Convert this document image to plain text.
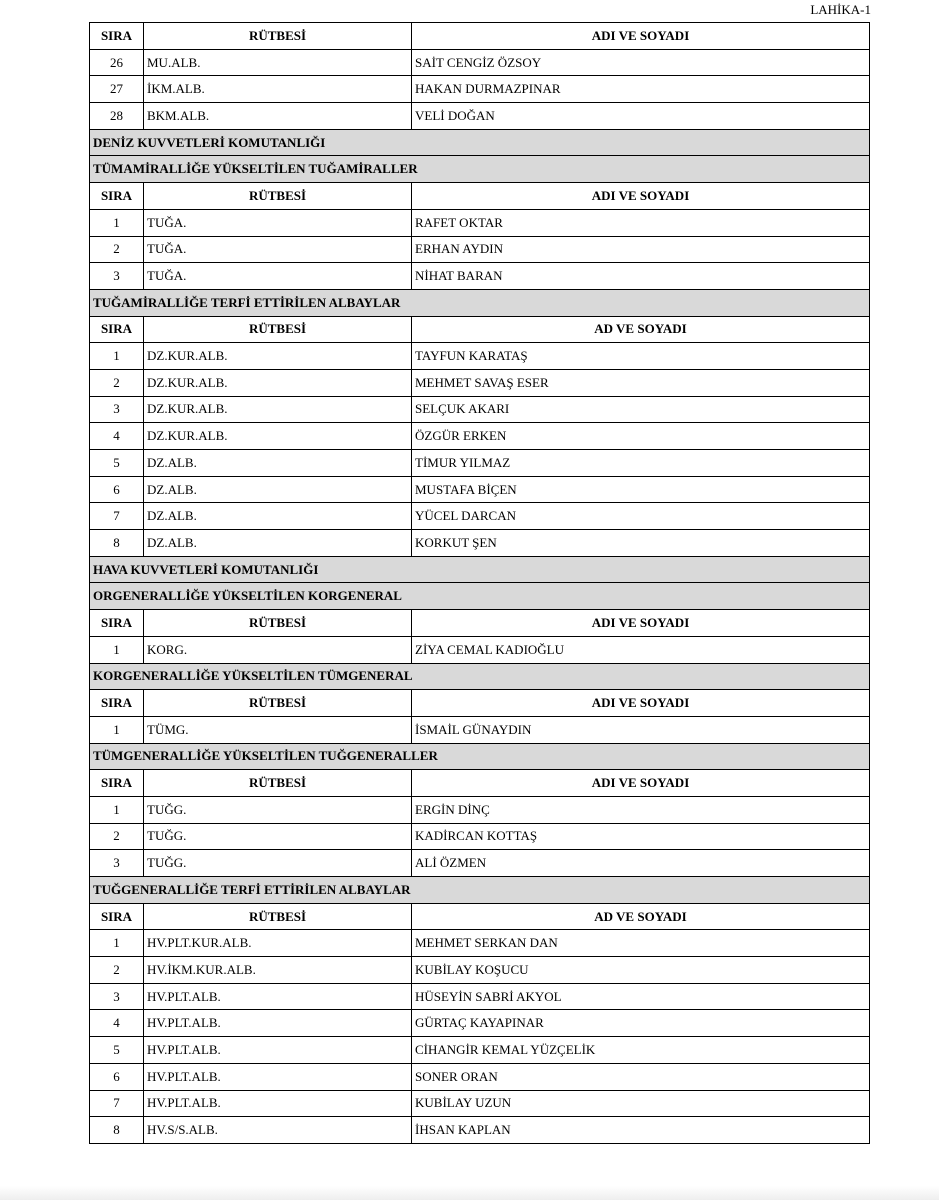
LAHİKA-1
SIRA	RÜTBESİ	ADI VE SOYADI
26	MU.ALB.	SAİT CENGİZ ÖZSOY
27	İKM.ALB.	HAKAN DURMAZPINAR
28	BKM.ALB.	VELİ DOĞAN
DENİZ KUVVETLERİ KOMUTANLIĞI		
TÜMAMİRALLİĞE YÜKSELTİLEN TUĞAMİRALLER		
SIRA	RÜTBESİ	ADI VE SOYADI
1	TUĞA.	RAFET OKTAR
2	TUĞA.	ERHAN AYDIN
3	TUĞA.	NİHAT BARAN
TUĞAMİRALLİĞE TERFİ ETTİRİLEN ALBAYLAR		
SIRA	RÜTBESİ	AD VE SOYADI
1	DZ.KUR.ALB.	TAYFUN KARATAŞ
2	DZ.KUR.ALB.	MEHMET SAVAŞ ESER
3	DZ.KUR.ALB.	SELÇUK AKARI
4	DZ.KUR.ALB.	ÖZGÜR ERKEN
5	DZ.ALB.	TİMUR YILMAZ
6	DZ.ALB.	MUSTAFA BİÇEN
7	DZ.ALB.	YÜCEL DARCAN
8	DZ.ALB.	KORKUT ŞEN
HAVA KUVVETLERİ KOMUTANLIĞI		
ORGENERALLİĞE YÜKSELTİLEN KORGENERAL		
SIRA	RÜTBESİ	ADI VE SOYADI
1	KORG.	ZİYA CEMAL KADIOĞLU
KORGENERALLİĞE YÜKSELTİLEN TÜMGENERAL		
SIRA	RÜTBESİ	ADI VE SOYADI
1	TÜMG.	İSMAİL GÜNAYDIN
TÜMGENERALLİĞE YÜKSELTİLEN TUĞGENERALLER		
SIRA	RÜTBESİ	ADI VE SOYADI
1	TUĞG.	ERGİN DİNÇ
2	TUĞG.	KADİRCAN KOTTAŞ
3	TUĞG.	ALİ ÖZMEN
TUĞGENERALLİĞE TERFİ ETTİRİLEN ALBAYLAR		
SIRA	RÜTBESİ	AD VE SOYADI
1	HV.PLT.KUR.ALB.	MEHMET SERKAN DAN
2	HV.İKM.KUR.ALB.	KUBİLAY KOŞUCU
3	HV.PLT.ALB.	HÜSEYİN SABRİ AKYOL
4	HV.PLT.ALB.	GÜRTAÇ KAYAPINAR
5	HV.PLT.ALB.	CİHANGİR KEMAL YÜZÇELİK
6	HV.PLT.ALB.	SONER ORAN
7	HV.PLT.ALB.	KUBİLAY UZUN
8	HV.S/S.ALB.	İHSAN KAPLAN
